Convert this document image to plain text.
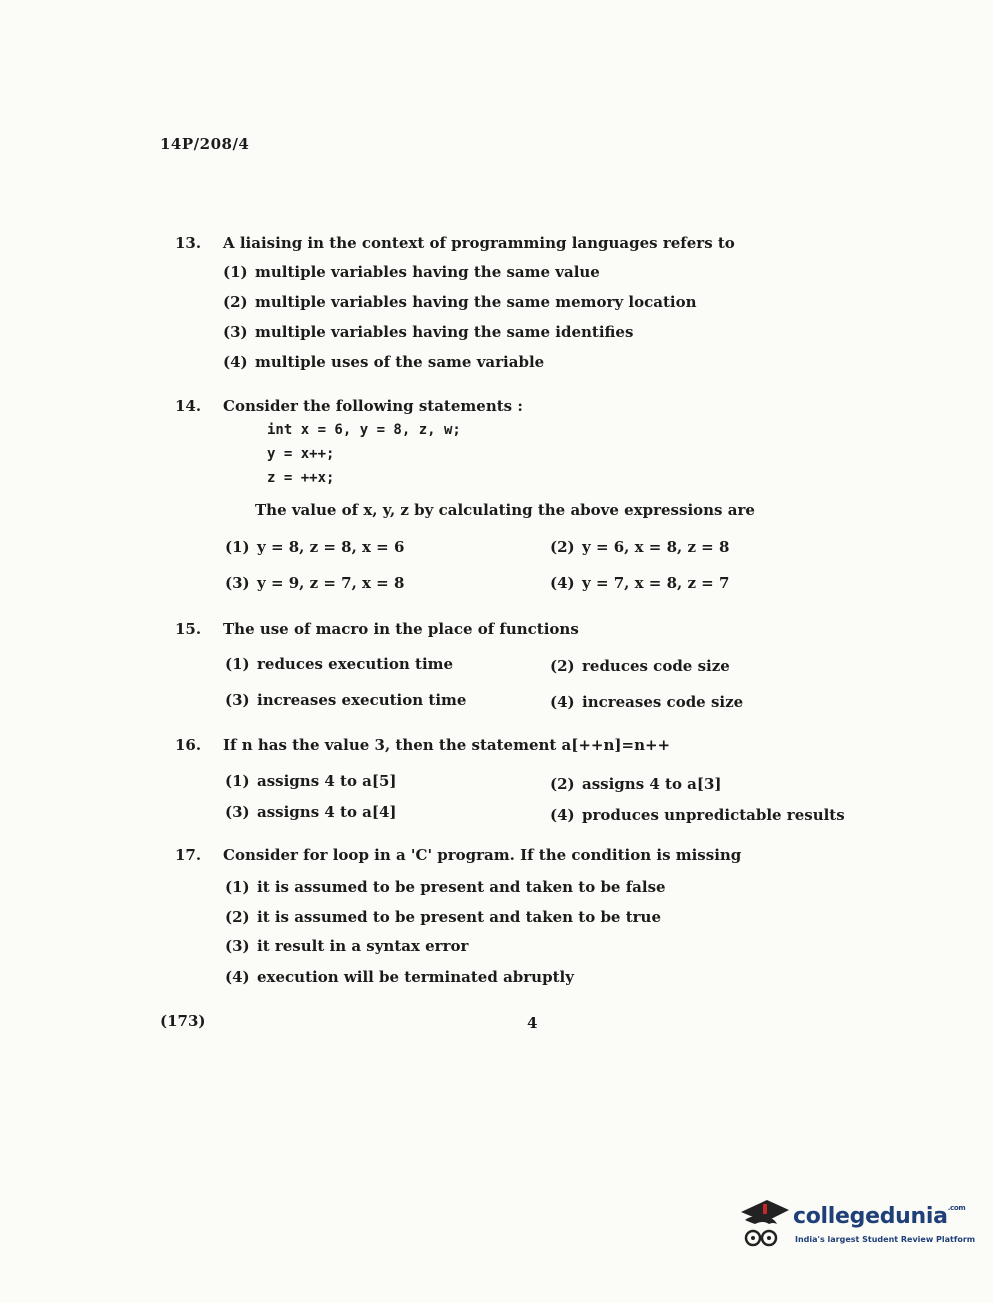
14P/208/4
13. A liaising in the context of programming languages refers to
(1) multiple variables having the same value
(2) multiple variables having the same memory location
(3) multiple variables having the same identifies
(4) multiple uses of the same variable
14. Consider the following statements :
int x = 6, y = 8, z, w;
y = x++;
z = ++x;
The value of x, y, z by calculating the above expressions are
(1) y = 8, z = 8, x = 6	(2) y = 6, x = 8, z = 8
(3) y = 9, z = 7, x = 8	(4) y = 7, x = 8, z = 7
15. The use of macro in the place of functions
(1) reduces execution time	(2) reduces code size
(3) increases execution time	(4) increases code size
16. If n has the value 3, then the statement a[++n]=n++
(1) assigns 4 to a[5]	(2) assigns 4 to a[3]
(3) assigns 4 to a[4]	(4) produces unpredictable results
17. Consider for loop in a 'C' program. If the condition is missing
(1) it is assumed to be present and taken to be false
(2) it is assumed to be present and taken to be true
(3) it result in a syntax error
(4) execution will be terminated abruptly
(173)	4
collegedunia$^{.com}$
India's largest Student Review Platform
